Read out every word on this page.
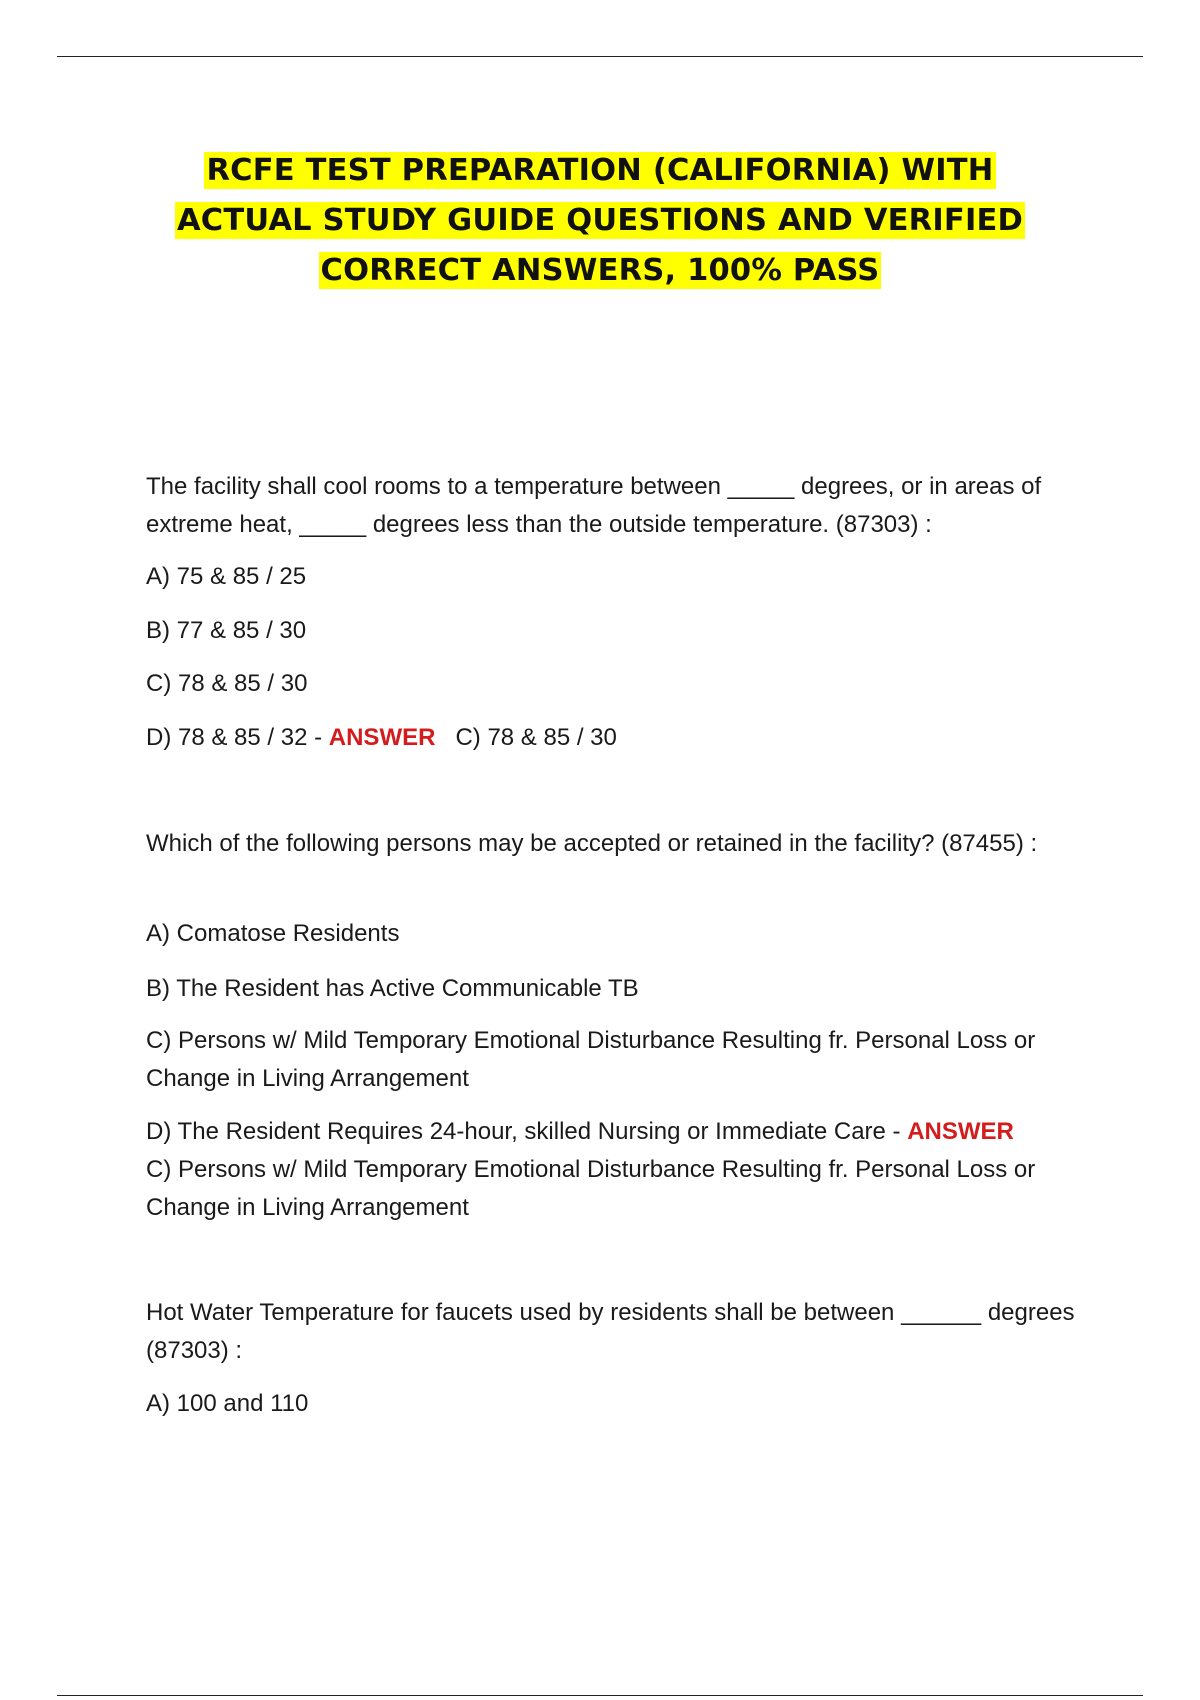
RCFE TEST PREPARATION (CALIFORNIA) WITH
ACTUAL STUDY GUIDE QUESTIONS AND VERIFIED
CORRECT ANSWERS, 100% PASS

The facility shall cool rooms to a temperature between _____ degrees, or in areas of extreme heat, _____ degrees less than the outside temperature. (87303) :

A) 75 & 85 / 25

B) 77 & 85 / 30

C) 78 & 85 / 30

D) 78 & 85 / 32 - ANSWER C) 78 & 85 / 30

Which of the following persons may be accepted or retained in the facility? (87455) :

A) Comatose Residents

B) The Resident has Active Communicable TB

C) Persons w/ Mild Temporary Emotional Disturbance Resulting fr. Personal Loss or Change in Living Arrangement

D) The Resident Requires 24-hour, skilled Nursing or Immediate Care - ANSWER
C) Persons w/ Mild Temporary Emotional Disturbance Resulting fr. Personal Loss or Change in Living Arrangement

Hot Water Temperature for faucets used by residents shall be between ______ degrees (87303) :

A) 100 and 110
